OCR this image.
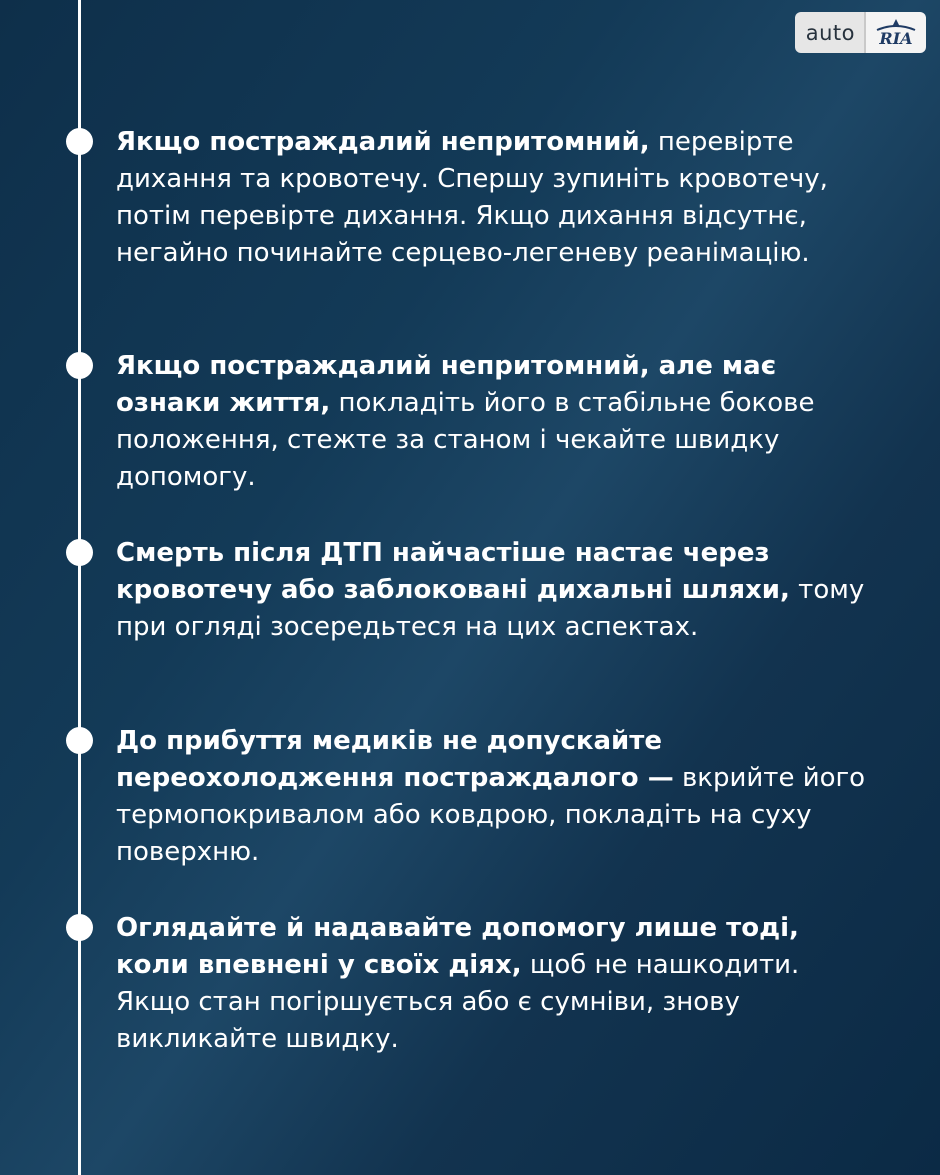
auto	RIA
Якщо постраждалий непритомний, перевірте дихання та кровотечу. Спершу зупиніть кровотечу, потім перевірте дихання. Якщо дихання відсутнє, негайно починайте серцево-легеневу реанімацію.
Якщо постраждалий непритомний, але має ознаки життя, покладіть його в стабільне бокове положення, стежте за станом і чекайте швидку допомогу.
Смерть після ДТП найчастіше настає через кровотечу або заблоковані дихальні шляхи, тому при огляді зосередьтеся на цих аспектах.
До прибуття медиків не допускайте переохолодження постраждалого — вкрийте його термопокривалом або ковдрою, покладіть на суху поверхню.
Оглядайте й надавайте допомогу лише тоді, коли впевнені у своїх діях, щоб не нашкодити. Якщо стан погіршується або є сумніви, знову викликайте швидку.
